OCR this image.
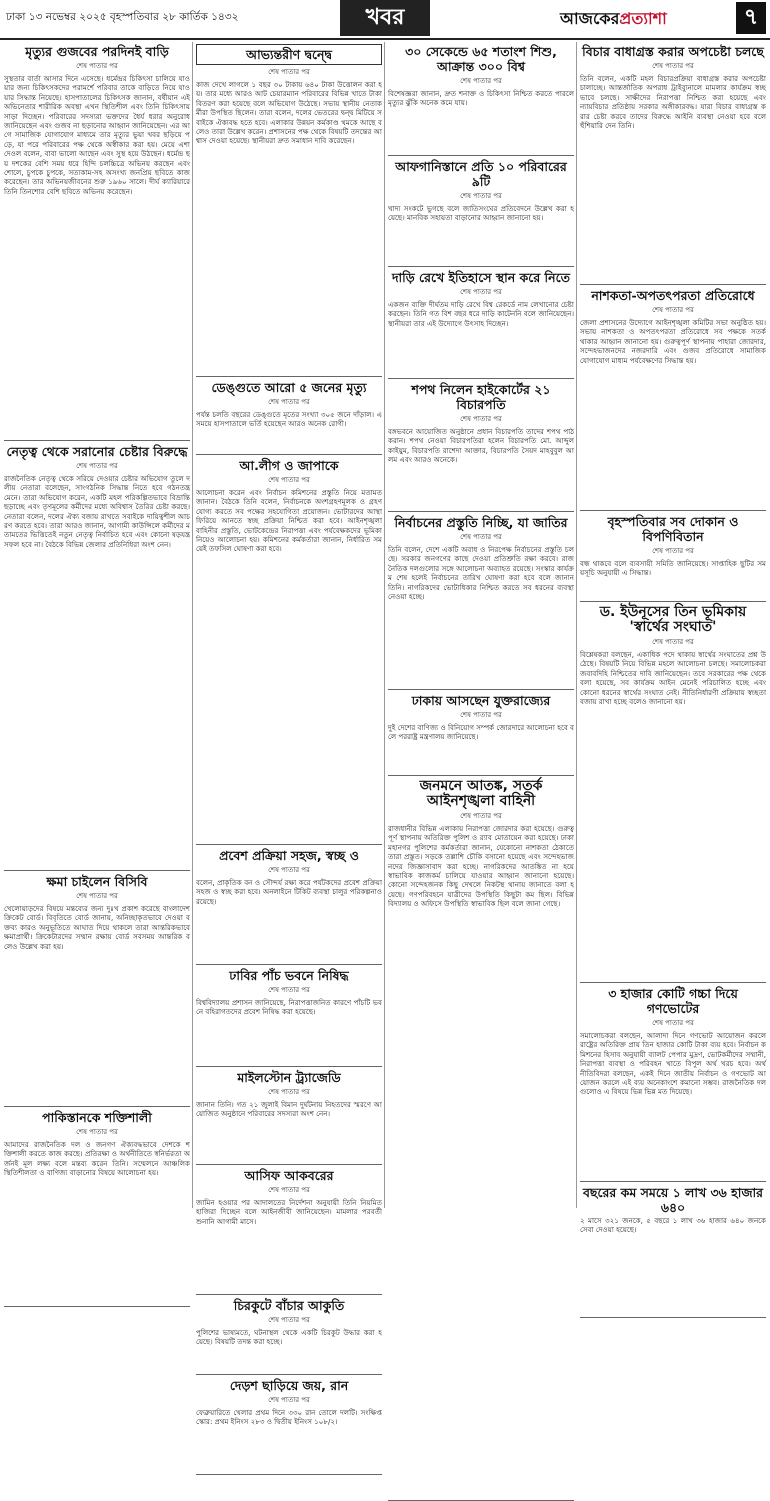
ঢাকা ১৩ নভেম্বর ২০২৫ বৃহস্পতিবার ২৮ কার্তিক ১৪৩২	খবর	আজকেরপ্রত্যাশা	৭
মৃত্যুর গুজবের পরদিনই বাড়ি
শেষ পাতার পর
সুস্থতার বার্তা আসার দিনে এসেছে। ধর্মেন্দ্রর চিকিৎসা চালিয়ে যাওয়ার জন্য চিকিৎসকদের পরামর্শে পরিবার তাকে বাড়িতে নিয়ে যাওয়ার সিদ্ধান্ত নিয়েছে। হাসপাতালের চিকিৎসক জানান, বর্ষীয়ান এই অভিনেতার শারীরিক অবস্থা এখন স্থিতিশীল এবং তিনি চিকিৎসায় সাড়া দিচ্ছেন। পরিবারের সদস্যরা ভক্তদের ধৈর্য ধরার অনুরোধ জানিয়েছেন এবং গুজব না ছড়ানোর আহ্বান জানিয়েছেন। এর আগে সামাজিক যোগাযোগ মাধ্যমে তার মৃত্যুর ভুয়া খবর ছড়িয়ে পড়ে, যা পরে পরিবারের পক্ষ থেকে অস্বীকার করা হয়। মেয়ে এশা দেওল বলেন, বাবা ভালো আছেন এবং সুস্থ হয়ে উঠছেন। ধর্মেন্দ্র ছয় দশকের বেশি সময় ধরে হিন্দি চলচ্চিত্রে অভিনয় করছেন এবং শোলে, চুপকে চুপকে, সত্যকাম-সহ অসংখ্য জনপ্রিয় ছবিতে কাজ করেছেন। তার অভিনয়জীবনের শুরু ১৯৬০ সালে। দীর্ঘ ক্যারিয়ারে তিনি তিনশোর বেশি ছবিতে অভিনয় করেছেন।
নেতৃত্ব থেকে সরানোর চেষ্টার বিরুদ্ধে
শেষ পাতার পর
রাজনৈতিক নেতৃত্ব থেকে সরিয়ে দেওয়ার চেষ্টার অভিযোগ তুলে দলীয় নেতারা বলেছেন, সাংগঠনিক সিদ্ধান্ত নিতে হবে গঠনতন্ত্র মেনে। তারা অভিযোগ করেন, একটি মহল পরিকল্পিতভাবে বিভ্রান্তি ছড়াচ্ছে এবং তৃণমূলের কর্মীদের মধ্যে অবিশ্বাস তৈরির চেষ্টা করছে। নেতারা বলেন, দলের ঐক্য বজায় রাখতে সবাইকে দায়িত্বশীল আচরণ করতে হবে। তারা আরও জানান, আগামী কাউন্সিলে কর্মীদের মতামতের ভিত্তিতেই নতুন নেতৃত্ব নির্বাচিত হবে এবং কোনো ষড়যন্ত্র সফল হবে না। বৈঠকে বিভিন্ন জেলার প্রতিনিধিরা অংশ নেন।
ক্ষমা চাইলেন বিসিবি
শেষ পাতার পর
খেলোয়াড়দের বিষয়ে মন্তব্যের জন্য দুঃখ প্রকাশ করেছে বাংলাদেশ ক্রিকেট বোর্ড। বিবৃতিতে বোর্ড জানায়, অনিচ্ছাকৃতভাবে দেওয়া বক্তব্য কারও অনুভূতিতে আঘাত দিয়ে থাকলে তারা আন্তরিকভাবে ক্ষমাপ্রার্থী। ক্রিকেটারদের সম্মান রক্ষায় বোর্ড সবসময় আন্তরিক বলেও উল্লেখ করা হয়।
পাকিস্তানকে শক্তিশালী
শেষ পাতার পর
আমাদের রাজনৈতিক দল ও জনগণ ঐক্যবদ্ধভাবে দেশকে শক্তিশালী করতে কাজ করছে। প্রতিরক্ষা ও অর্থনীতিতে স্বনির্ভরতা অর্জনই মূল লক্ষ্য বলে মন্তব্য করেন তিনি। সম্মেলনে আঞ্চলিক স্থিতিশীলতা ও বাণিজ্য বাড়ানোর বিষয়ে আলোচনা হয়।
আভ্যন্তরীণ দ্বন্দ্বে
শেষ পাতার পর
কাজ দেখে লাগলে ১ বছর ৩০ টাকায় ৬৪০ টাকা উত্তোলন করা হয়। তার মধ্যে আরও আট চেয়ারম্যান পরিবারের বিভিন্ন খাতে টাকা বিতরণ করা হয়েছে বলে অভিযোগ উঠেছে। সভায় স্থানীয় নেতাকর্মীরা উপস্থিত ছিলেন। তারা বলেন, দলের ভেতরের দ্বন্দ্ব মিটিয়ে সবাইকে ঐক্যবদ্ধ হতে হবে। এলাকার উন্নয়ন কর্মকাণ্ড থমকে আছে বলেও তারা উল্লেখ করেন। প্রশাসনের পক্ষ থেকে বিষয়টি তদন্তের আশ্বাস দেওয়া হয়েছে। স্থানীয়রা দ্রুত সমাধান দাবি করেছেন।
ডেঙ্গুতে আরো ৫ জনের মৃত্যু
শেষ পাতার পর
পর্যন্ত চলতি বছরের ডেঙ্গুতে মৃতের সংখ্যা ৩০৫ জনে দাঁড়াল। এ সময়ে হাসপাতালে ভর্তি হয়েছেন আরও অনেক রোগী।
আ.লীগ ও জাপাকে
শেষ পাতার পর
আলোচনা করেন এবং নির্বাচন কমিশনের প্রস্তুতি নিয়ে মতামত জানান। বৈঠকে তিনি বলেন, নির্বাচনকে অংশগ্রহণমূলক ও গ্রহণযোগ্য করতে সব পক্ষের সহযোগিতা প্রয়োজন। ভোটারদের আস্থা ফিরিয়ে আনতে স্বচ্ছ প্রক্রিয়া নিশ্চিত করা হবে। আইনশৃঙ্খলা বাহিনীর প্রস্তুতি, ভোটকেন্দ্রের নিরাপত্তা এবং পর্যবেক্ষকদের ভূমিকা নিয়েও আলোচনা হয়। কমিশনের কর্মকর্তারা জানান, নির্ধারিত সময়েই তফসিল ঘোষণা করা হবে।
প্রবেশ প্রক্রিয়া সহজ, স্বচ্ছ ও
শেষ পাতার পর
বলেন, প্রাকৃতিক বন ও সৌন্দর্য রক্ষা করে পর্যটকদের প্রবেশ প্রক্রিয়া সহজ ও স্বচ্ছ করা হবে। অনলাইনে টিকিট ব্যবস্থা চালুর পরিকল্পনাও রয়েছে।
ঢাবির পাঁচ ভবনে নিষিদ্ধ
শেষ পাতার পর
বিশ্ববিদ্যালয় প্রশাসন জানিয়েছে, নিরাপত্তাজনিত কারণে পাঁচটি ভবনে বহিরাগতদের প্রবেশ নিষিদ্ধ করা হয়েছে।
মাইলস্টোন ট্র্যাজেডি
শেষ পাতার পর
জানান তিনি। গত ২১ জুলাই বিমান দুর্ঘটনায় নিহতদের স্মরণে আয়োজিত অনুষ্ঠানে পরিবারের সদস্যরা অংশ নেন।
আসিফ আকবরের
শেষ পাতার পর
জামিন হওয়ার পর আদালতের নির্দেশনা অনুযায়ী তিনি নিয়মিত হাজিরা দিচ্ছেন বলে আইনজীবী জানিয়েছেন। মামলার পরবর্তী শুনানি আগামী মাসে।
চিরকুটে বাঁচার আকুতি
শেষ পাতার পর
পুলিশের ভাষ্যমতে, ঘটনাস্থল থেকে একটি চিরকুট উদ্ধার করা হয়েছে। বিষয়টি তদন্ত করা হচ্ছে।
দেড়শ ছাড়িয়ে জয়, রান
শেষ পাতার পর
ফেব্রুয়ারিতে খেলার প্রথম দিনে ৩৩০ রান তোলে দলটি। সংক্ষিপ্ত স্কোর: প্রথম ইনিংস ২৮৩ ও দ্বিতীয় ইনিংস ১০৮/২।
৩০ সেকেন্ডে ৬৫ শতাংশ শিশু, আক্রান্ত ৩০০ বিশ্ব
শেষ পাতার পর
বিশেষজ্ঞরা জানান, দ্রুত শনাক্ত ও চিকিৎসা নিশ্চিত করতে পারলে মৃত্যুর ঝুঁকি অনেক কমে যায়।
আফগানিস্তানে প্রতি ১০ পরিবারের ৯টি
শেষ পাতার পর
খাদ্য সংকটে ভুগছে বলে জাতিসংঘের প্রতিবেদনে উল্লেখ করা হয়েছে। মানবিক সহায়তা বাড়ানোর আহ্বান জানানো হয়।
দাড়ি রেখে ইতিহাসে স্থান করে নিতে
শেষ পাতার পর
একজন ব্যক্তি দীর্ঘতম দাড়ি রেখে বিশ্ব রেকর্ডে নাম লেখানোর চেষ্টা করছেন। তিনি গত বিশ বছর ধরে দাড়ি কাটেননি বলে জানিয়েছেন। স্থানীয়রা তার এই উদ্যোগে উৎসাহ দিচ্ছেন।
শপথ নিলেন হাইকোর্টের ২১ বিচারপতি
শেষ পাতার পর
বঙ্গভবনে আয়োজিত অনুষ্ঠানে প্রধান বিচারপতি তাদের শপথ পাঠ করান। শপথ নেওয়া বিচারপতিরা হলেন বিচারপতি মো. আব্দুল কাইয়ুম, বিচারপতি রাশেদা আক্তার, বিচারপতি সৈয়দ মাহবুবুল আলম এবং আরও অনেকে।
নির্বাচনের প্রস্তুতি নিচ্ছি, যা জাতির
শেষ পাতার পর
তিনি বলেন, দেশে একটি অবাধ ও নিরপেক্ষ নির্বাচনের প্রস্তুতি চলছে। সরকার জনগণের কাছে দেওয়া প্রতিশ্রুতি রক্ষা করবে। রাজনৈতিক দলগুলোর সঙ্গে আলোচনা অব্যাহত রয়েছে। সংস্কার কার্যক্রম শেষ হলেই নির্বাচনের তারিখ ঘোষণা করা হবে বলে জানান তিনি। নাগরিকদের ভোটাধিকার নিশ্চিত করতে সব ধরনের ব্যবস্থা নেওয়া হচ্ছে।
ঢাকায় আসছেন যুক্তরাজ্যের
শেষ পাতার পর
দুই দেশের বাণিজ্য ও বিনিয়োগ সম্পর্ক জোরদারে আলোচনা হবে বলে পররাষ্ট্র মন্ত্রণালয় জানিয়েছে।
জনমনে আতঙ্ক, সতর্ক আইনশৃঙ্খলা বাহিনী
শেষ পাতার পর
রাজধানীর বিভিন্ন এলাকায় নিরাপত্তা জোরদার করা হয়েছে। গুরুত্বপূর্ণ স্থাপনায় অতিরিক্ত পুলিশ ও র‌্যাব মোতায়েন করা হয়েছে। ঢাকা মহানগর পুলিশের কর্মকর্তারা জানান, যেকোনো নাশকতা ঠেকাতে তারা প্রস্তুত। সড়কে তল্লাশি চৌকি বসানো হয়েছে এবং সন্দেহভাজনদের জিজ্ঞাসাবাদ করা হচ্ছে। নাগরিকদের আতঙ্কিত না হয়ে স্বাভাবিক কাজকর্ম চালিয়ে যাওয়ার আহ্বান জানানো হয়েছে। কোনো সন্দেহজনক কিছু দেখলে নিকটস্থ থানায় জানাতে বলা হয়েছে। গণপরিবহনে যাত্রীদের উপস্থিতি কিছুটা কম ছিল। বিভিন্ন বিদ্যালয় ও অফিসে উপস্থিতি স্বাভাবিক ছিল বলে জানা গেছে।
বিচার বাধাগ্রস্ত করার অপচেষ্টা চলছে
শেষ পাতার পর
তিনি বলেন, একটি মহল বিচারপ্রক্রিয়া বাধাগ্রস্ত করার অপচেষ্টা চালাচ্ছে। আন্তর্জাতিক অপরাধ ট্রাইব্যুনালে মামলার কার্যক্রম স্বচ্ছভাবে চলছে। সাক্ষীদের নিরাপত্তা নিশ্চিত করা হয়েছে এবং ন্যায়বিচার প্রতিষ্ঠায় সরকার অঙ্গীকারবদ্ধ। যারা বিচার বাধাগ্রস্ত করার চেষ্টা করবে তাদের বিরুদ্ধে আইনি ব্যবস্থা নেওয়া হবে বলে হুঁশিয়ারি দেন তিনি।
নাশকতা-অপতৎপরতা প্রতিরোধে
শেষ পাতার পর
জেলা প্রশাসনের উদ্যোগে আইনশৃঙ্খলা কমিটির সভা অনুষ্ঠিত হয়। সভায় নাশকতা ও অপতৎপরতা প্রতিরোধে সব পক্ষকে সতর্ক থাকার আহ্বান জানানো হয়। গুরুত্বপূর্ণ স্থাপনায় পাহারা জোরদার, সন্দেহভাজনদের নজরদারি এবং গুজব প্রতিরোধে সামাজিক যোগাযোগ মাধ্যম পর্যবেক্ষণের সিদ্ধান্ত হয়।
বৃহস্পতিবার সব দোকান ও বিপণিবিতান
শেষ পাতার পর
বন্ধ থাকবে বলে ব্যবসায়ী সমিতি জানিয়েছে। সাপ্তাহিক ছুটির সময়সূচি অনুযায়ী এ সিদ্ধান্ত।
ড. ইউনূসের তিন ভূমিকায় 'স্বার্থের সংঘাত'
শেষ পাতার পর
বিশ্লেষকরা বলছেন, একাধিক পদে থাকায় স্বার্থের সংঘাতের প্রশ্ন উঠেছে। বিষয়টি নিয়ে বিভিন্ন মহলে আলোচনা চলছে। সমালোচকরা জবাবদিহি নিশ্চিতের দাবি জানিয়েছেন। তবে সরকারের পক্ষ থেকে বলা হয়েছে, সব কার্যক্রম আইন মেনেই পরিচালিত হচ্ছে এবং কোনো ধরনের স্বার্থের সংঘাত নেই। নীতিনির্ধারণী প্রক্রিয়ায় স্বচ্ছতা বজায় রাখা হচ্ছে বলেও জানানো হয়।
৩ হাজার কোটি গচ্চা দিয়ে গণভোটের
শেষ পাতার পর
সমালোচকরা বলছেন, আলাদা দিনে গণভোট আয়োজন করলে রাষ্ট্রের অতিরিক্ত প্রায় তিন হাজার কোটি টাকা ব্যয় হবে। নির্বাচন কমিশনের হিসাব অনুযায়ী ব্যালট পেপার মুদ্রণ, ভোটকর্মীদের সম্মানী, নিরাপত্তা ব্যবস্থা ও পরিবহন খাতে বিপুল অর্থ খরচ হবে। অর্থনীতিবিদরা বলছেন, একই দিনে জাতীয় নির্বাচন ও গণভোট আয়োজন করলে এই ব্যয় অনেকাংশে কমানো সম্ভব। রাজনৈতিক দলগুলোও এ বিষয়ে ভিন্ন ভিন্ন মত দিয়েছে।
বছরের কম সময়ে ১ লাখ ৩৬ হাজার ৬৪০
২ মাসে ৩২১ জনকে, ৫ বছরে ১ লাখ ৩৬ হাজার ৬৪০ জনকে সেবা দেওয়া হয়েছে।
